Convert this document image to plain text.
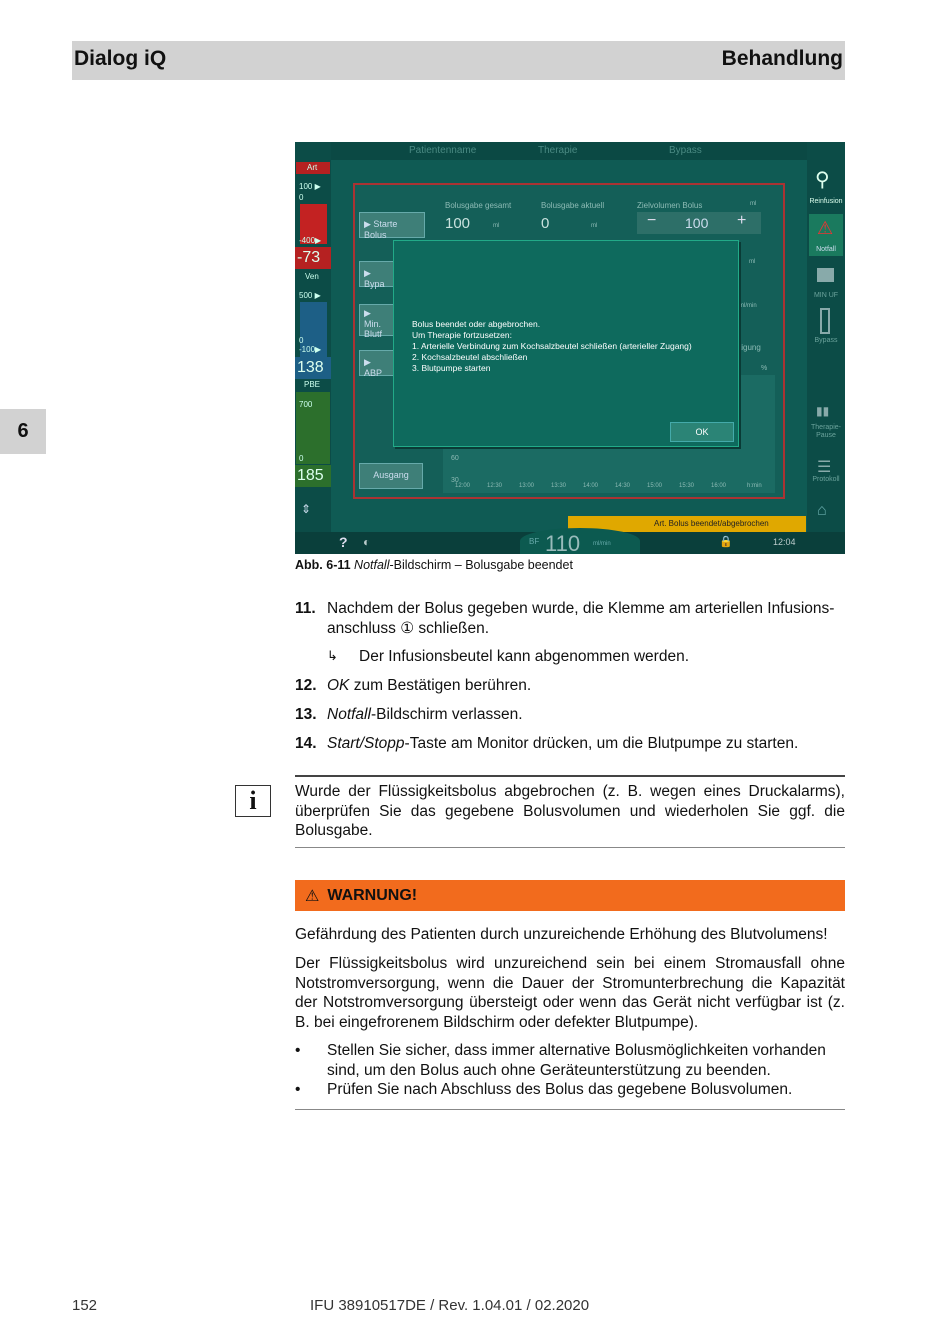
Dialog iQ	Behandlung
6
Patientenname	Therapie	Bypass
Art
100 ▶
0
-400▶
-73
Ven
500 ▶
0
-100▶
138
PBE
700
0
185
⇕
Bolusgabe gesamt
100	ml
Bolusgabe aktuell
0	ml
Zielvolumen Bolus	ml
− 100 +
ml
ml/min
tigung
%
▶ Starte Bolus
▶ Bypa
▶ Min. Blutf
▶ ABP
Ausgang
60
30
12:00	12:30	13:00	13:30	14:00	14:30	15:00	15:30	16:00	h:min
Bolus beendet oder abgebrochen.
Um Therapie fortzusetzen:
1. Arterielle Verbindung zum Kochsalzbeutel schließen (arterieller Zugang)
2. Kochsalzbeutel abschließen
3. Blutpumpe starten
OK
⚲
Reinfusion
⚠
Notfall
MIN UF
Bypass
▮▮
Therapie-Pause
☰
Protokoll
⌂
Art. Bolus beendet/abgebrochen
? ◐	BF 110 ml/min	🔒	12:04
Abb. 6-11 Notfall-Bildschirm – Bolusgabe beendet
11. Nachdem der Bolus gegeben wurde, die Klemme am arteriellen Infusions-
anschluss ① schließen.
↳ Der Infusionsbeutel kann abgenommen werden.
12. OK zum Bestätigen berühren.
13. Notfall-Bildschirm verlassen.
14. Start/Stopp-Taste am Monitor drücken, um die Blutpumpe zu starten.
i	Wurde der Flüssigkeitsbolus abgebrochen (z. B. wegen eines Druckalarms), überprüfen Sie das gegebene Bolusvolumen und wiederholen Sie ggf. die Bolusgabe.
⚠ WARNUNG!
Gefährdung des Patienten durch unzureichende Erhöhung des Blutvolumens!
Der Flüssigkeitsbolus wird unzureichend sein bei einem Stromausfall ohne Notstromversorgung, wenn die Dauer der Stromunterbrechung die Kapazität der Notstromversorgung übersteigt oder wenn das Gerät nicht verfügbar ist (z. B. bei eingefrorenem Bildschirm oder defekter Blutpumpe).
• Stellen Sie sicher, dass immer alternative Bolusmöglichkeiten vorhanden sind, um den Bolus auch ohne Geräteunterstützung zu beenden.
• Prüfen Sie nach Abschluss des Bolus das gegebene Bolusvolumen.
152	IFU 38910517DE / Rev. 1.04.01 / 02.2020
